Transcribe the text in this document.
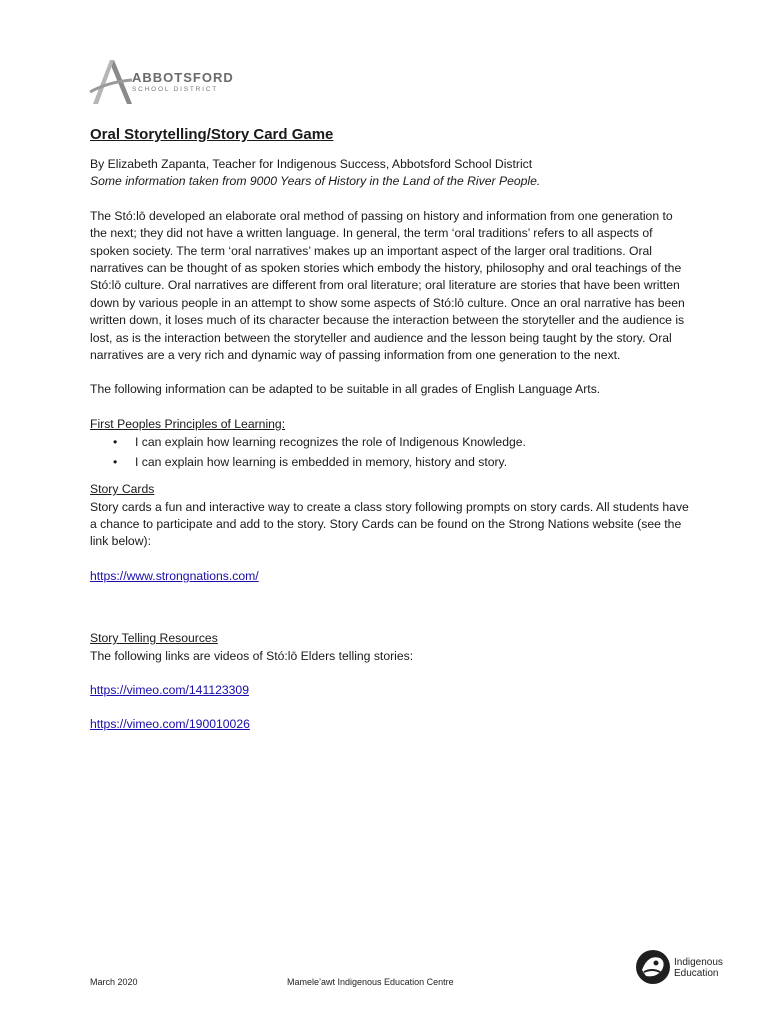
ABBOTSFORD
SCHOOL DISTRICT
Oral Storytelling/Story Card Game

By Elizabeth Zapanta, Teacher for Indigenous Success, Abbotsford School District

Some information taken from 9000 Years of History in the Land of the River People.

The Stó:lō developed an elaborate oral method of passing on history and information from one generation to the next; they did not have a written language. In general, the term ‘oral traditions’ refers to all aspects of spoken society. The term ‘oral narratives’ makes up an important aspect of the larger oral traditions. Oral narratives can be thought of as spoken stories which embody the history, philosophy and oral teachings of the Stó:lō culture. Oral narratives are different from oral literature; oral literature are stories that have been written down by various people in an attempt to show some aspects of Stó:lō culture. Once an oral narrative has been written down, it loses much of its character because the interaction between the storyteller and the audience is lost, as is the interaction between the storyteller and audience and the lesson being taught by the story. Oral narratives are a very rich and dynamic way of passing information from one generation to the next.

The following information can be adapted to be suitable in all grades of English Language Arts.

First Peoples Principles of Learning:

• I can explain how learning recognizes the role of Indigenous Knowledge.
• I can explain how learning is embedded in memory, history and story.

Story Cards

Story cards a fun and interactive way to create a class story following prompts on story cards. All students have a chance to participate and add to the story. Story Cards can be found on the Strong Nations website (see the link below):

https://www.strongnations.com/

Story Telling Resources

The following links are videos of Stó:lō Elders telling stories:

https://vimeo.com/141123309

https://vimeo.com/190010026

March 2020	Mamele’awt Indigenous Education Centre
Indigenous
Education
